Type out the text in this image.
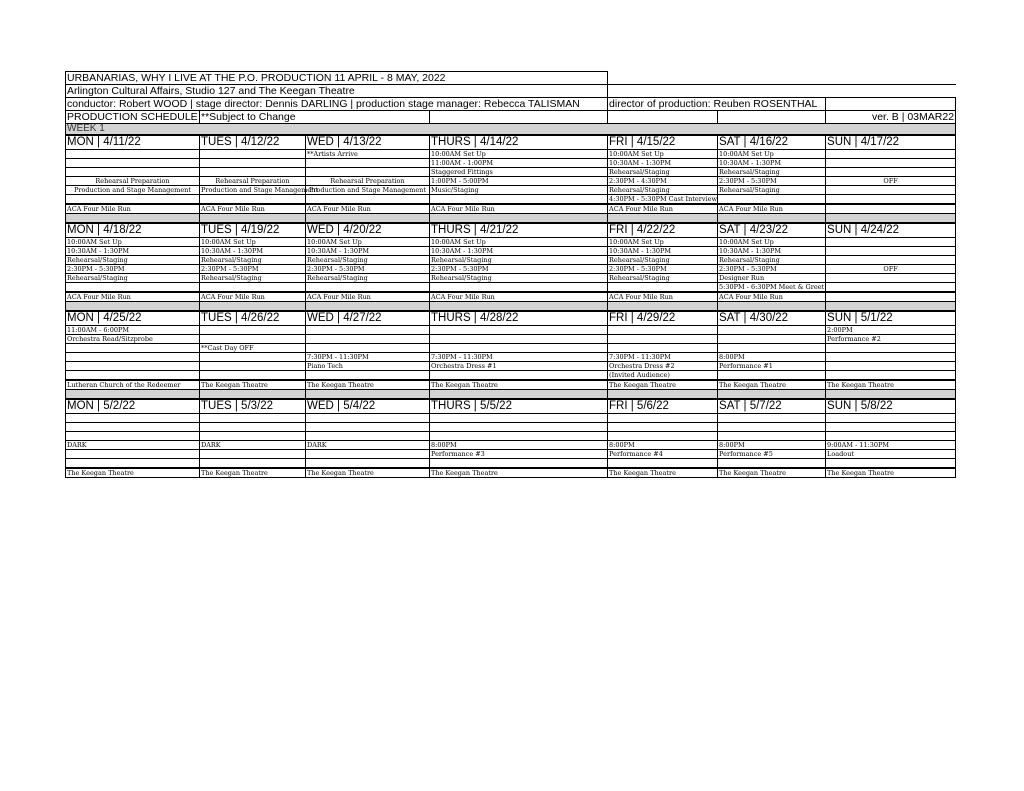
URBANARIAS, WHY I LIVE AT THE P.O. PRODUCTION 11 APRIL - 8 MAY, 2022						
Arlington Cultural Affairs, Studio 127 and The Keegan Theatre						
conductor: Robert WOOD | stage director: Dennis DARLING | production stage manager: Rebecca TALISMAN				director of production: Reuben ROSENTHAL		
PRODUCTION SCHEDULE	**Subject to Change					ver. B | 03MAR22
WEEK 1						
MON | 4/11/22	TUES | 4/12/22	WED | 4/13/22	THURS | 4/14/22	FRI | 4/15/22	SAT | 4/16/22	SUN | 4/17/22
		**Artists Arrive	10:00AM Set Up	10:00AM Set Up	10:00AM Set Up	
			11:00AM - 1:00PM	10:30AM - 1:30PM	10:30AM - 1:30PM	
			Staggered Fittings	Rehearsal/Staging	Rehearsal/Staging	
Rehearsal Preparation	Rehearsal Preparation	Rehearsal Preparation	1:00PM - 5:00PM	2:30PM - 4:30PM	2:30PM - 5:30PM	OFF
Production and Stage Management	Production and Stage Management	Production and Stage Management	Music/Staging	Rehearsal/Staging	Rehearsal/Staging	
				4:30PM - 5:30PM Cast Interview		
ACA Four Mile Run	ACA Four Mile Run	ACA Four Mile Run	ACA Four Mile Run	ACA Four Mile Run	ACA Four Mile Run	

MON | 4/18/22	TUES | 4/19/22	WED | 4/20/22	THURS | 4/21/22	FRI | 4/22/22	SAT | 4/23/22	SUN | 4/24/22
10:00AM Set Up	10:00AM Set Up	10:00AM Set Up	10:00AM Set Up	10:00AM Set Up	10:00AM Set Up	
10:30AM - 1:30PM	10:30AM - 1:30PM	10:30AM - 1:30PM	10:30AM - 1:30PM	10:30AM - 1:30PM	10:30AM - 1:30PM	
Rehearsal/Staging	Rehearsal/Staging	Rehearsal/Staging	Rehearsal/Staging	Rehearsal/Staging	Rehearsal/Staging	
2:30PM - 5:30PM	2:30PM - 5:30PM	2:30PM - 5:30PM	2:30PM - 5:30PM	2:30PM - 5:30PM	2:30PM - 5:30PM	OFF
Rehearsal/Staging	Rehearsal/Staging	Rehearsal/Staging	Rehearsal/Staging	Rehearsal/Staging	Designer Run	
					5:30PM - 6:30PM Meet & Greet	
ACA Four Mile Run	ACA Four Mile Run	ACA Four Mile Run	ACA Four Mile Run	ACA Four Mile Run	ACA Four Mile Run	

MON | 4/25/22	TUES | 4/26/22	WED | 4/27/22	THURS | 4/28/22	FRI | 4/29/22	SAT | 4/30/22	SUN | 5/1/22
11:00AM - 6:00PM						2:00PM
Orchestra Read/Sitzprobe						Performance #2
	**Cast Day OFF					
		7:30PM - 11:30PM	7:30PM - 11:30PM	7:30PM - 11:30PM	8:00PM	
		Piano Tech	Orchestra Dress #1	Orchestra Dress #2	Performance #1	
				(Invited Audience)		
Lutheran Church of the Redeemer	The Keegan Theatre	The Keegan Theatre	The Keegan Theatre	The Keegan Theatre	The Keegan Theatre	The Keegan Theatre

MON | 5/2/22	TUES | 5/3/22	WED | 5/4/22	THURS | 5/5/22	FRI | 5/6/22	SAT | 5/7/22	SUN | 5/8/22

DARK	DARK	DARK	8:00PM	8:00PM	8:00PM	9:00AM - 11:30PM
			Performance #3	Performance #4	Performance #5	Loadout

The Keegan Theatre	The Keegan Theatre	The Keegan Theatre	The Keegan Theatre	The Keegan Theatre	The Keegan Theatre	The Keegan Theatre
